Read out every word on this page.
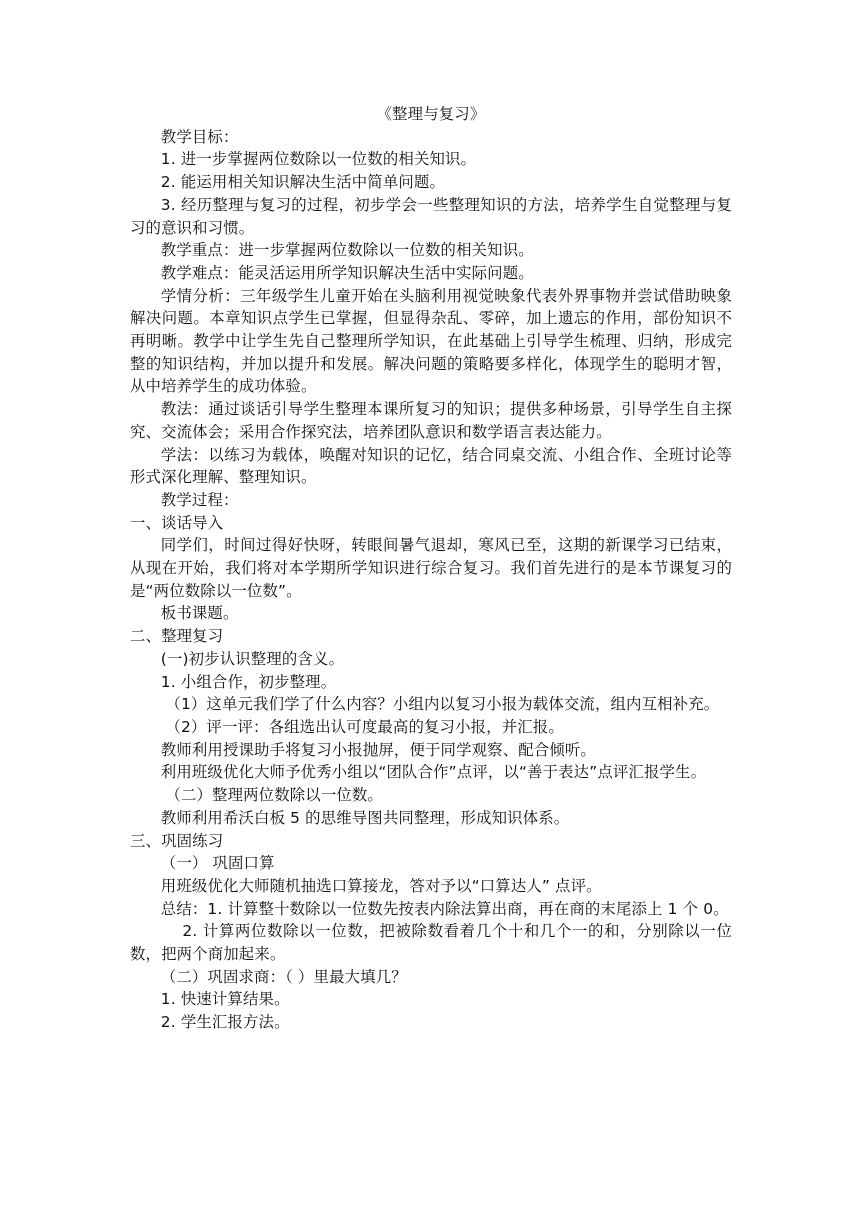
《整理与复习》

教学目标：

1. 进一步掌握两位数除以一位数的相关知识。

2. 能运用相关知识解决生活中简单问题。

3. 经历整理与复习的过程，初步学会一些整理知识的方法，培养学生自觉整理与复习的意识和习惯。

教学重点：进一步掌握两位数除以一位数的相关知识。

教学难点：能灵活运用所学知识解决生活中实际问题。

学情分析：三年级学生儿童开始在头脑利用视觉映象代表外界事物并尝试借助映象解决问题。本章知识点学生已掌握，但显得杂乱、零碎，加上遗忘的作用，部份知识不再明晰。教学中让学生先自己整理所学知识，在此基础上引导学生梳理、归纳，形成完整的知识结构，并加以提升和发展。解决问题的策略要多样化，体现学生的聪明才智，从中培养学生的成功体验。

教法：通过谈话引导学生整理本课所复习的知识；提供多种场景，引导学生自主探究、交流体会；采用合作探究法，培养团队意识和数学语言表达能力。

学法：以练习为载体，唤醒对知识的记忆，结合同桌交流、小组合作、全班讨论等形式深化理解、整理知识。

教学过程：

一、谈话导入

同学们，时间过得好快呀，转眼间暑气退却，寒风已至，这期的新课学习已结束，从现在开始，我们将对本学期所学知识进行综合复习。我们首先进行的是本节课复习的是“两位数除以一位数”。

板书课题。

二、整理复习

(一)初步认识整理的含义。

1. 小组合作，初步整理。

（1）这单元我们学了什么内容？小组内以复习小报为载体交流，组内互相补充。

（2）评一评：各组选出认可度最高的复习小报，并汇报。

教师利用授课助手将复习小报抛屏，便于同学观察、配合倾听。

利用班级优化大师予优秀小组以“团队合作”点评，以“善于表达”点评汇报学生。

（二）整理两位数除以一位数。

教师利用希沃白板 5 的思维导图共同整理，形成知识体系。

三、巩固练习

（一） 巩固口算

用班级优化大师随机抽选口算接龙，答对予以“口算达人” 点评。

总结：1. 计算整十数除以一位数先按表内除法算出商，再在商的末尾添上 1 个 0。

2. 计算两位数除以一位数，把被除数看着几个十和几个一的和，分别除以一位数，把两个商加起来。

（二）巩固求商：（ ）里最大填几？

1. 快速计算结果。

2. 学生汇报方法。
